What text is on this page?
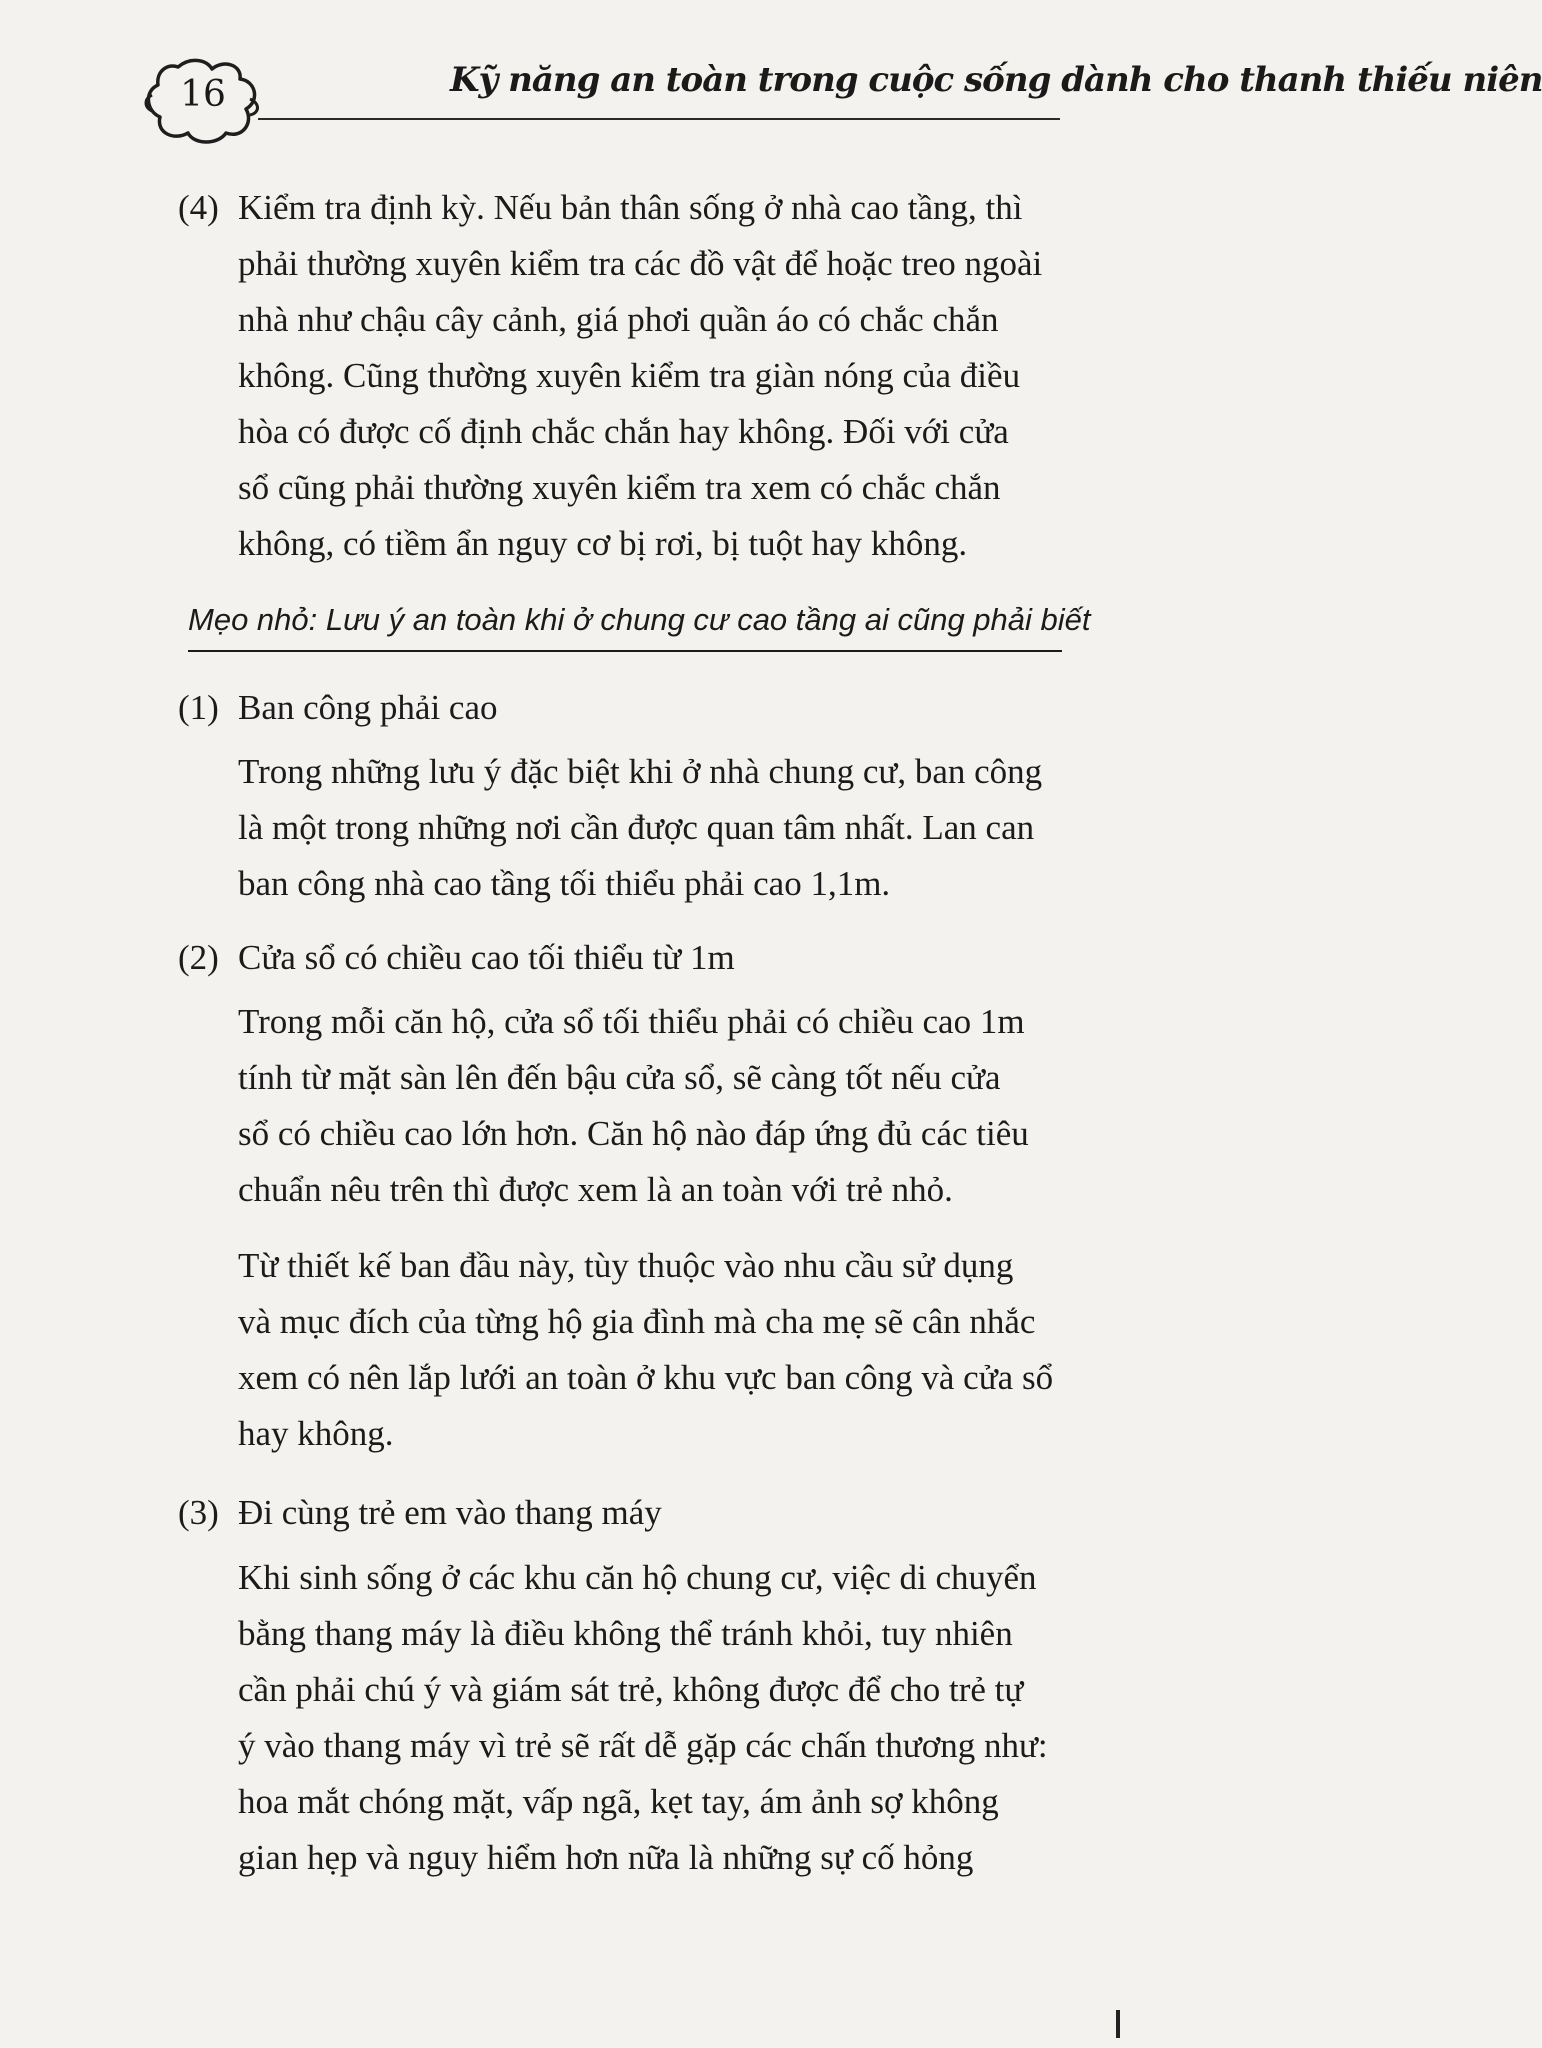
16	Kỹ năng an toàn trong cuộc sống dành cho thanh thiếu niên
(4) Kiểm tra định kỳ. Nếu bản thân sống ở nhà cao tầng, thì

phải thường xuyên kiểm tra các đồ vật để hoặc treo ngoài

nhà như chậu cây cảnh, giá phơi quần áo có chắc chắn

không. Cũng thường xuyên kiểm tra giàn nóng của điều

hòa có được cố định chắc chắn hay không. Đối với cửa

sổ cũng phải thường xuyên kiểm tra xem có chắc chắn

không, có tiềm ẩn nguy cơ bị rơi, bị tuột hay không.

Mẹo nhỏ: Lưu ý an toàn khi ở chung cư cao tầng ai cũng phải biết
(1) Ban công phải cao

Trong những lưu ý đặc biệt khi ở nhà chung cư, ban công

là một trong những nơi cần được quan tâm nhất. Lan can

ban công nhà cao tầng tối thiểu phải cao 1,1m.

(2) Cửa sổ có chiều cao tối thiểu từ 1m

Trong mỗi căn hộ, cửa sổ tối thiểu phải có chiều cao 1m

tính từ mặt sàn lên đến bậu cửa sổ, sẽ càng tốt nếu cửa

sổ có chiều cao lớn hơn. Căn hộ nào đáp ứng đủ các tiêu

chuẩn nêu trên thì được xem là an toàn với trẻ nhỏ.

Từ thiết kế ban đầu này, tùy thuộc vào nhu cầu sử dụng

và mục đích của từng hộ gia đình mà cha mẹ sẽ cân nhắc

xem có nên lắp lưới an toàn ở khu vực ban công và cửa sổ

hay không.

(3) Đi cùng trẻ em vào thang máy

Khi sinh sống ở các khu căn hộ chung cư, việc di chuyển

bằng thang máy là điều không thể tránh khỏi, tuy nhiên

cần phải chú ý và giám sát trẻ, không được để cho trẻ tự

ý vào thang máy vì trẻ sẽ rất dễ gặp các chấn thương như:

hoa mắt chóng mặt, vấp ngã, kẹt tay, ám ảnh sợ không

gian hẹp và nguy hiểm hơn nữa là những sự cố hỏng
